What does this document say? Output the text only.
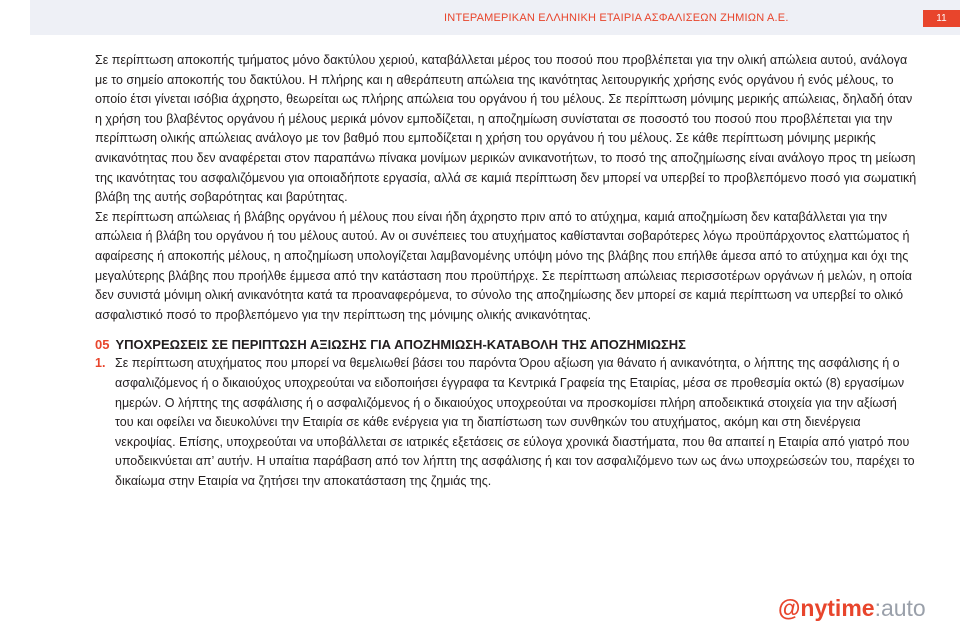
ΙΝΤΕΡΑΜΕΡΙΚΑΝ ΕΛΛΗΝΙΚΗ ΕΤΑΙΡΙΑ ΑΣΦΑΛΙΣΕΩΝ ΖΗΜΙΩΝ Α.Ε.	11

Σε περίπτωση αποκοπής τμήματος μόνο δακτύλου χεριού, καταβάλλεται μέρος του ποσού που προβλέπεται για την ολική απώλεια αυτού, ανάλογα με το σημείο αποκοπής του δακτύλου. Η πλήρης και η αθεράπευτη απώλεια της ικανότητας λειτουργικής χρήσης ενός οργάνου ή ενός μέλους, το οποίο έτσι γίνεται ισόβια άχρηστο, θεωρείται ως πλήρης απώλεια του οργάνου ή του μέλους. Σε περίπτωση μόνιμης μερικής απώλειας, δηλαδή όταν η χρήση του βλαβέντος οργάνου ή μέλους μερικά μόνον εμποδίζεται, η αποζημίωση συνίσταται σε ποσοστό του ποσού που προβλέπεται για την περίπτωση ολικής απώλειας ανάλογο με τον βαθμό που εμποδίζεται η χρήση του οργάνου ή του μέλους. Σε κάθε περίπτωση μόνιμης μερικής ανικανότητας που δεν αναφέρεται στον παραπάνω πίνακα μονίμων μερικών ανικανοτήτων, το ποσό της αποζημίωσης είναι ανάλογο προς τη μείωση της ικανότητας του ασφαλιζόμενου για οποιαδήποτε εργασία, αλλά σε καμιά περίπτωση δεν μπορεί να υπερβεί το προβλεπόμενο ποσό για σωματική βλάβη της αυτής σοβαρότητας και βαρύτητας.

Σε περίπτωση απώλειας ή βλάβης οργάνου ή μέλους που είναι ήδη άχρηστο πριν από το ατύχημα, καμιά αποζημίωση δεν καταβάλλεται για την απώλεια ή βλάβη του οργάνου ή του μέλους αυτού. Αν οι συνέπειες του ατυχήματος καθίστανται σοβαρότερες λόγω προϋπάρχοντος ελαττώματος ή αφαίρεσης ή αποκοπής μέλους, η αποζημίωση υπολογίζεται λαμβανομένης υπόψη μόνο της βλάβης που επήλθε άμεσα από το ατύχημα και όχι της μεγαλύτερης βλάβης που προήλθε έμμεσα από την κατάσταση που προϋπήρχε. Σε περίπτωση απώλειας περισσοτέρων οργάνων ή μελών, η οποία δεν συνιστά μόνιμη ολική ανικανότητα κατά τα προαναφερόμενα, το σύνολο της αποζημίωσης δεν μπορεί σε καμιά περίπτωση να υπερβεί το ολικό ασφαλιστικό ποσό το προβλεπόμενο για την περίπτωση της μόνιμης ολικής ανικανότητας.

05 ΥΠΟΧΡΕΩΣΕΙΣ ΣΕ ΠΕΡΙΠΤΩΣΗ ΑΞΙΩΣΗΣ ΓΙΑ ΑΠΟΖΗΜΙΩΣΗ-ΚΑΤΑΒΟΛΗ ΤΗΣ ΑΠΟΖΗΜΙΩΣΗΣ
1. Σε περίπτωση ατυχήματος που μπορεί να θεμελιωθεί βάσει του παρόντα Όρου αξίωση για θάνατο ή ανικανότητα, ο λήπτης της ασφάλισης ή ο ασφαλιζόμενος ή ο δικαιούχος υποχρεούται να ειδοποιήσει έγγραφα τα Κεντρικά Γραφεία της Εταιρίας, μέσα σε προθεσμία οκτώ (8) εργασίμων ημερών. Ο λήπτης της ασφάλισης ή ο ασφαλιζόμενος ή ο δικαιούχος υποχρεούται να προσκομίσει πλήρη αποδεικτικά στοιχεία για την αξίωσή του και οφείλει να διευκολύνει την Εταιρία σε κάθε ενέργεια για τη διαπίστωση των συνθηκών του ατυχήματος, ακόμη και στη διενέργεια νεκροψίας. Επίσης, υποχρεούται να υποβάλλεται σε ιατρικές εξετάσεις σε εύλογα χρονικά διαστήματα, που θα απαιτεί η Εταιρία από γιατρό που υποδεικνύεται απ’ αυτήν. Η υπαίτια παράβαση από τον λήπτη της ασφάλισης ή και τον ασφαλιζόμενο των ως άνω υποχρεώσεών του, παρέχει το δικαίωμα στην Εταιρία να ζητήσει την αποκατάσταση της ζημιάς της.

@nytime:auto
